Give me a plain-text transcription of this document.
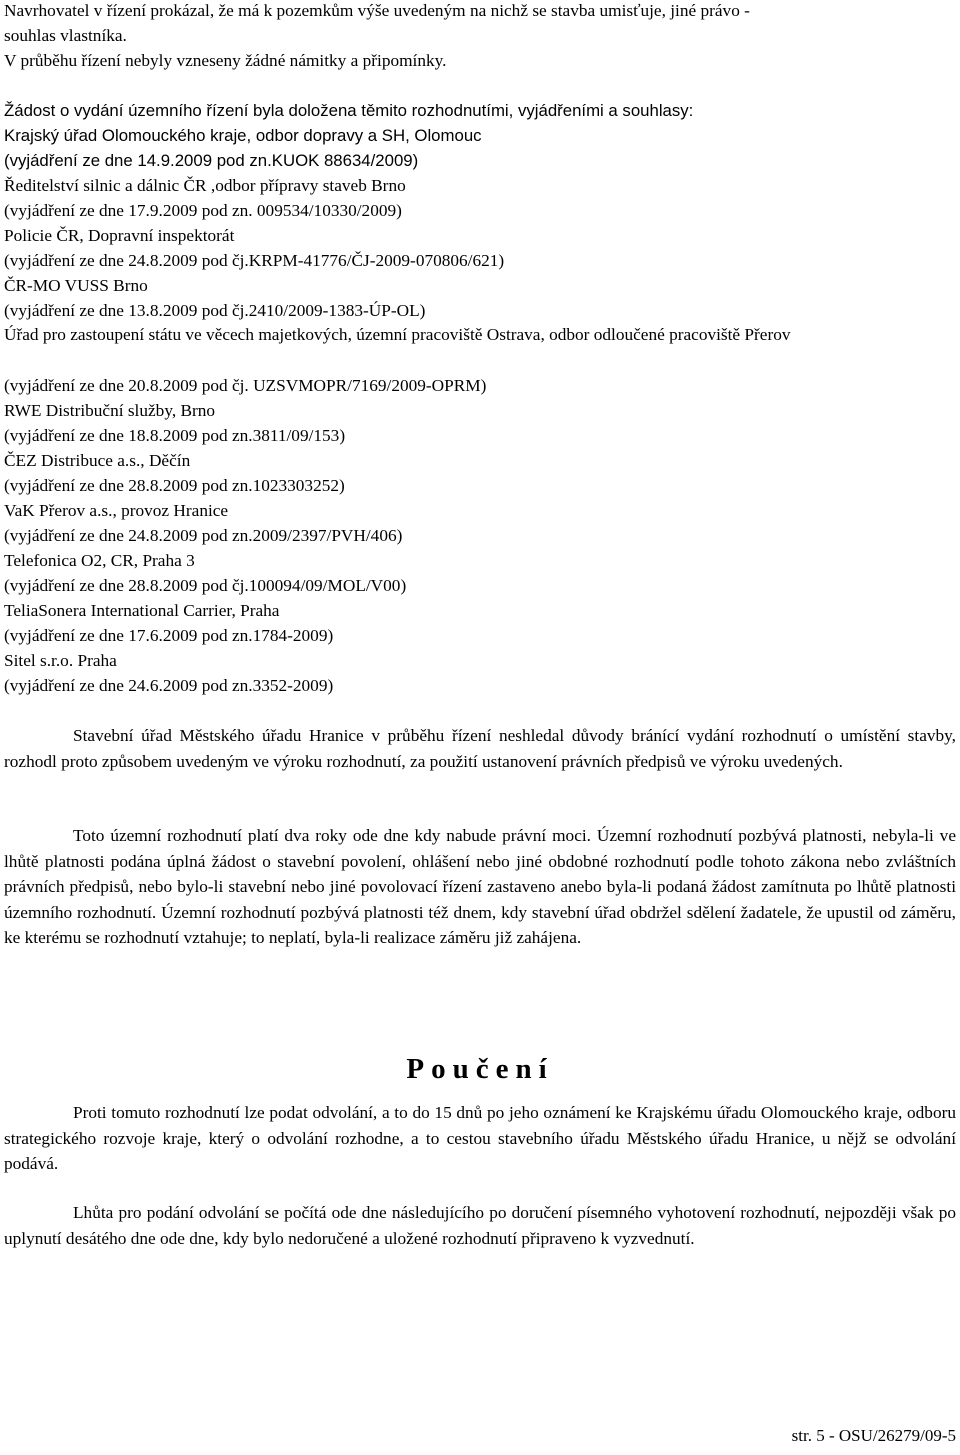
Navrhovatel v řízení prokázal, že má k pozemkům výše uvedeným na nichž se stavba umisťuje, jiné právo -
souhlas vlastníka.
V průběhu řízení nebyly vzneseny žádné námitky a připomínky.
Žádost o vydání územního řízení byla doložena těmito rozhodnutími, vyjádřeními a souhlasy:
Krajský úřad Olomouckého kraje, odbor dopravy a SH, Olomouc
(vyjádření ze dne 14.9.2009 pod zn.KUOK 88634/2009)
Ředitelství silnic a dálnic ČR ,odbor přípravy staveb Brno
(vyjádření ze dne 17.9.2009 pod zn. 009534/10330/2009)
Policie ČR, Dopravní inspektorát
(vyjádření ze dne 24.8.2009 pod čj.KRPM-41776/ČJ-2009-070806/621)
ČR-MO VUSS Brno
(vyjádření ze dne 13.8.2009 pod čj.2410/2009-1383-ÚP-OL)

Úřad pro zastoupení státu ve věcech majetkových, územní pracoviště Ostrava, odbor odloučené pracoviště Přerov

(vyjádření ze dne 20.8.2009 pod čj. UZSVMOPR/7169/2009-OPRM)
RWE Distribuční služby, Brno
(vyjádření ze dne 18.8.2009 pod zn.3811/09/153)
ČEZ Distribuce a.s., Děčín
(vyjádření ze dne 28.8.2009 pod zn.1023303252)
VaK Přerov a.s., provoz Hranice
(vyjádření ze dne 24.8.2009 pod zn.2009/2397/PVH/406)
Telefonica O2, CR, Praha 3
(vyjádření ze dne 28.8.2009 pod čj.100094/09/MOL/V00)
TeliaSonera International Carrier, Praha
(vyjádření ze dne 17.6.2009 pod zn.1784-2009)
Sitel s.r.o. Praha
(vyjádření ze dne 24.6.2009 pod zn.3352-2009)

Stavební úřad Městského úřadu Hranice v průběhu řízení neshledal důvody bránící vydání rozhodnutí o umístění stavby, rozhodl proto způsobem uvedeným ve výroku rozhodnutí, za použití ustanovení právních předpisů ve výroku uvedených.

Toto územní rozhodnutí platí dva roky ode dne kdy nabude právní moci. Územní rozhodnutí pozbývá platnosti, nebyla-li ve lhůtě platnosti podána úplná žádost o stavební povolení, ohlášení nebo jiné obdobné rozhodnutí podle tohoto zákona nebo zvláštních právních předpisů, nebo bylo-li stavební nebo jiné povolovací řízení zastaveno anebo byla-li podaná žádost zamítnuta po lhůtě platnosti územního rozhodnutí. Územní rozhodnutí pozbývá platnosti též dnem, kdy stavební úřad obdržel sdělení žadatele, že upustil od záměru, ke kterému se rozhodnutí vztahuje; to neplatí, byla-li realizace záměru již zahájena.

Poučení

Proti tomuto rozhodnutí lze podat odvolání, a to do 15 dnů po jeho oznámení ke Krajskému úřadu Olomouckého kraje, odboru strategického rozvoje kraje, který o odvolání rozhodne, a to cestou stavebního úřadu Městského úřadu Hranice, u nějž se odvolání podává.

Lhůta pro podání odvolání se počítá ode dne následujícího po doručení písemného vyhotovení rozhodnutí, nejpozději však po uplynutí desátého dne ode dne, kdy bylo nedoručené a uložené rozhodnutí připraveno k vyzvednutí.

str. 5 - OSU/26279/09-5
